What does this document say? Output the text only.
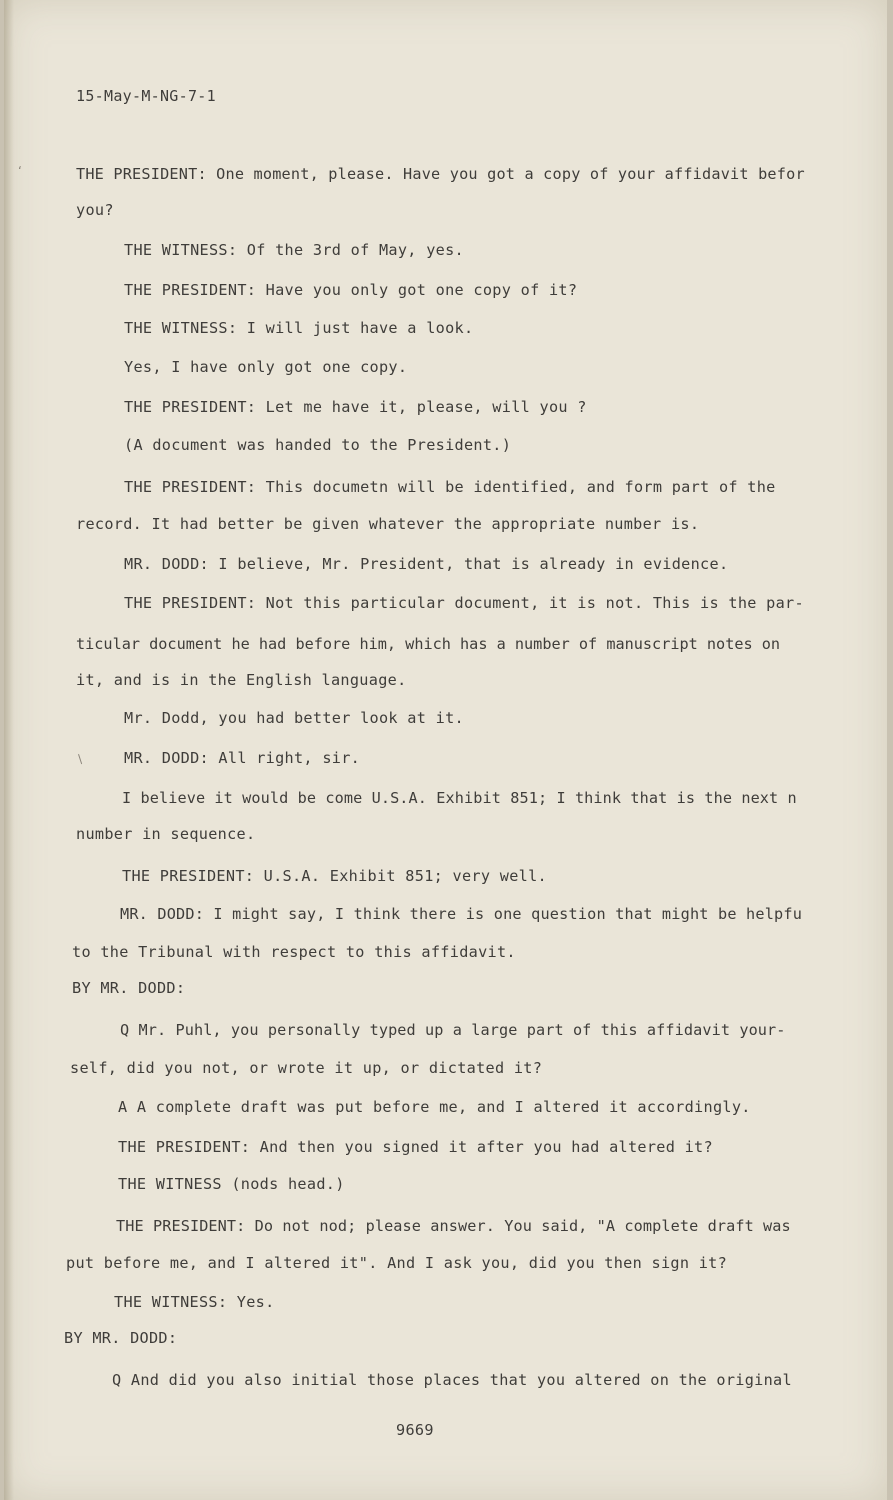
15-May-M-NG-7-1
‘
/
THE PRESIDENT: One moment, please. Have you got a copy of your affidavit befor
you?
THE WITNESS: Of the 3rd of May, yes.
THE PRESIDENT: Have you only got one copy of it?
THE WITNESS: I will just have a look.
Yes, I have only got one copy.
THE PRESIDENT: Let me have it, please, will you ?
(A document was handed to the President.)
THE PRESIDENT: This documetn will be identified, and form part of the
record. It had better be given whatever the appropriate number is.
MR. DODD: I believe, Mr. President, that is already in evidence.
THE PRESIDENT: Not this particular document, it is not. This is the par-
ticular document he had before him, which has a number of manuscript notes on
it, and is in the English language.
Mr. Dodd, you had better look at it.
MR. DODD: All right, sir.
I believe it would be come U.S.A. Exhibit 851; I think that is the next n
number in sequence.
THE PRESIDENT: U.S.A. Exhibit 851; very well.
MR. DODD: I might say, I think there is one question that might be helpfu
to the Tribunal with respect to this affidavit.
BY MR. DODD:
Q Mr. Puhl, you personally typed up a large part of this affidavit your-
self, did you not, or wrote it up, or dictated it?
A A complete draft was put before me, and I altered it accordingly.
THE PRESIDENT: And then you signed it after you had altered it?
THE WITNESS (nods head.)
THE PRESIDENT: Do not nod; please answer. You said, "A complete draft was
put before me, and I altered it". And I ask you, did you then sign it?
THE WITNESS: Yes.
BY MR. DODD:
Q And did you also initial those places that you altered on the original
9669
